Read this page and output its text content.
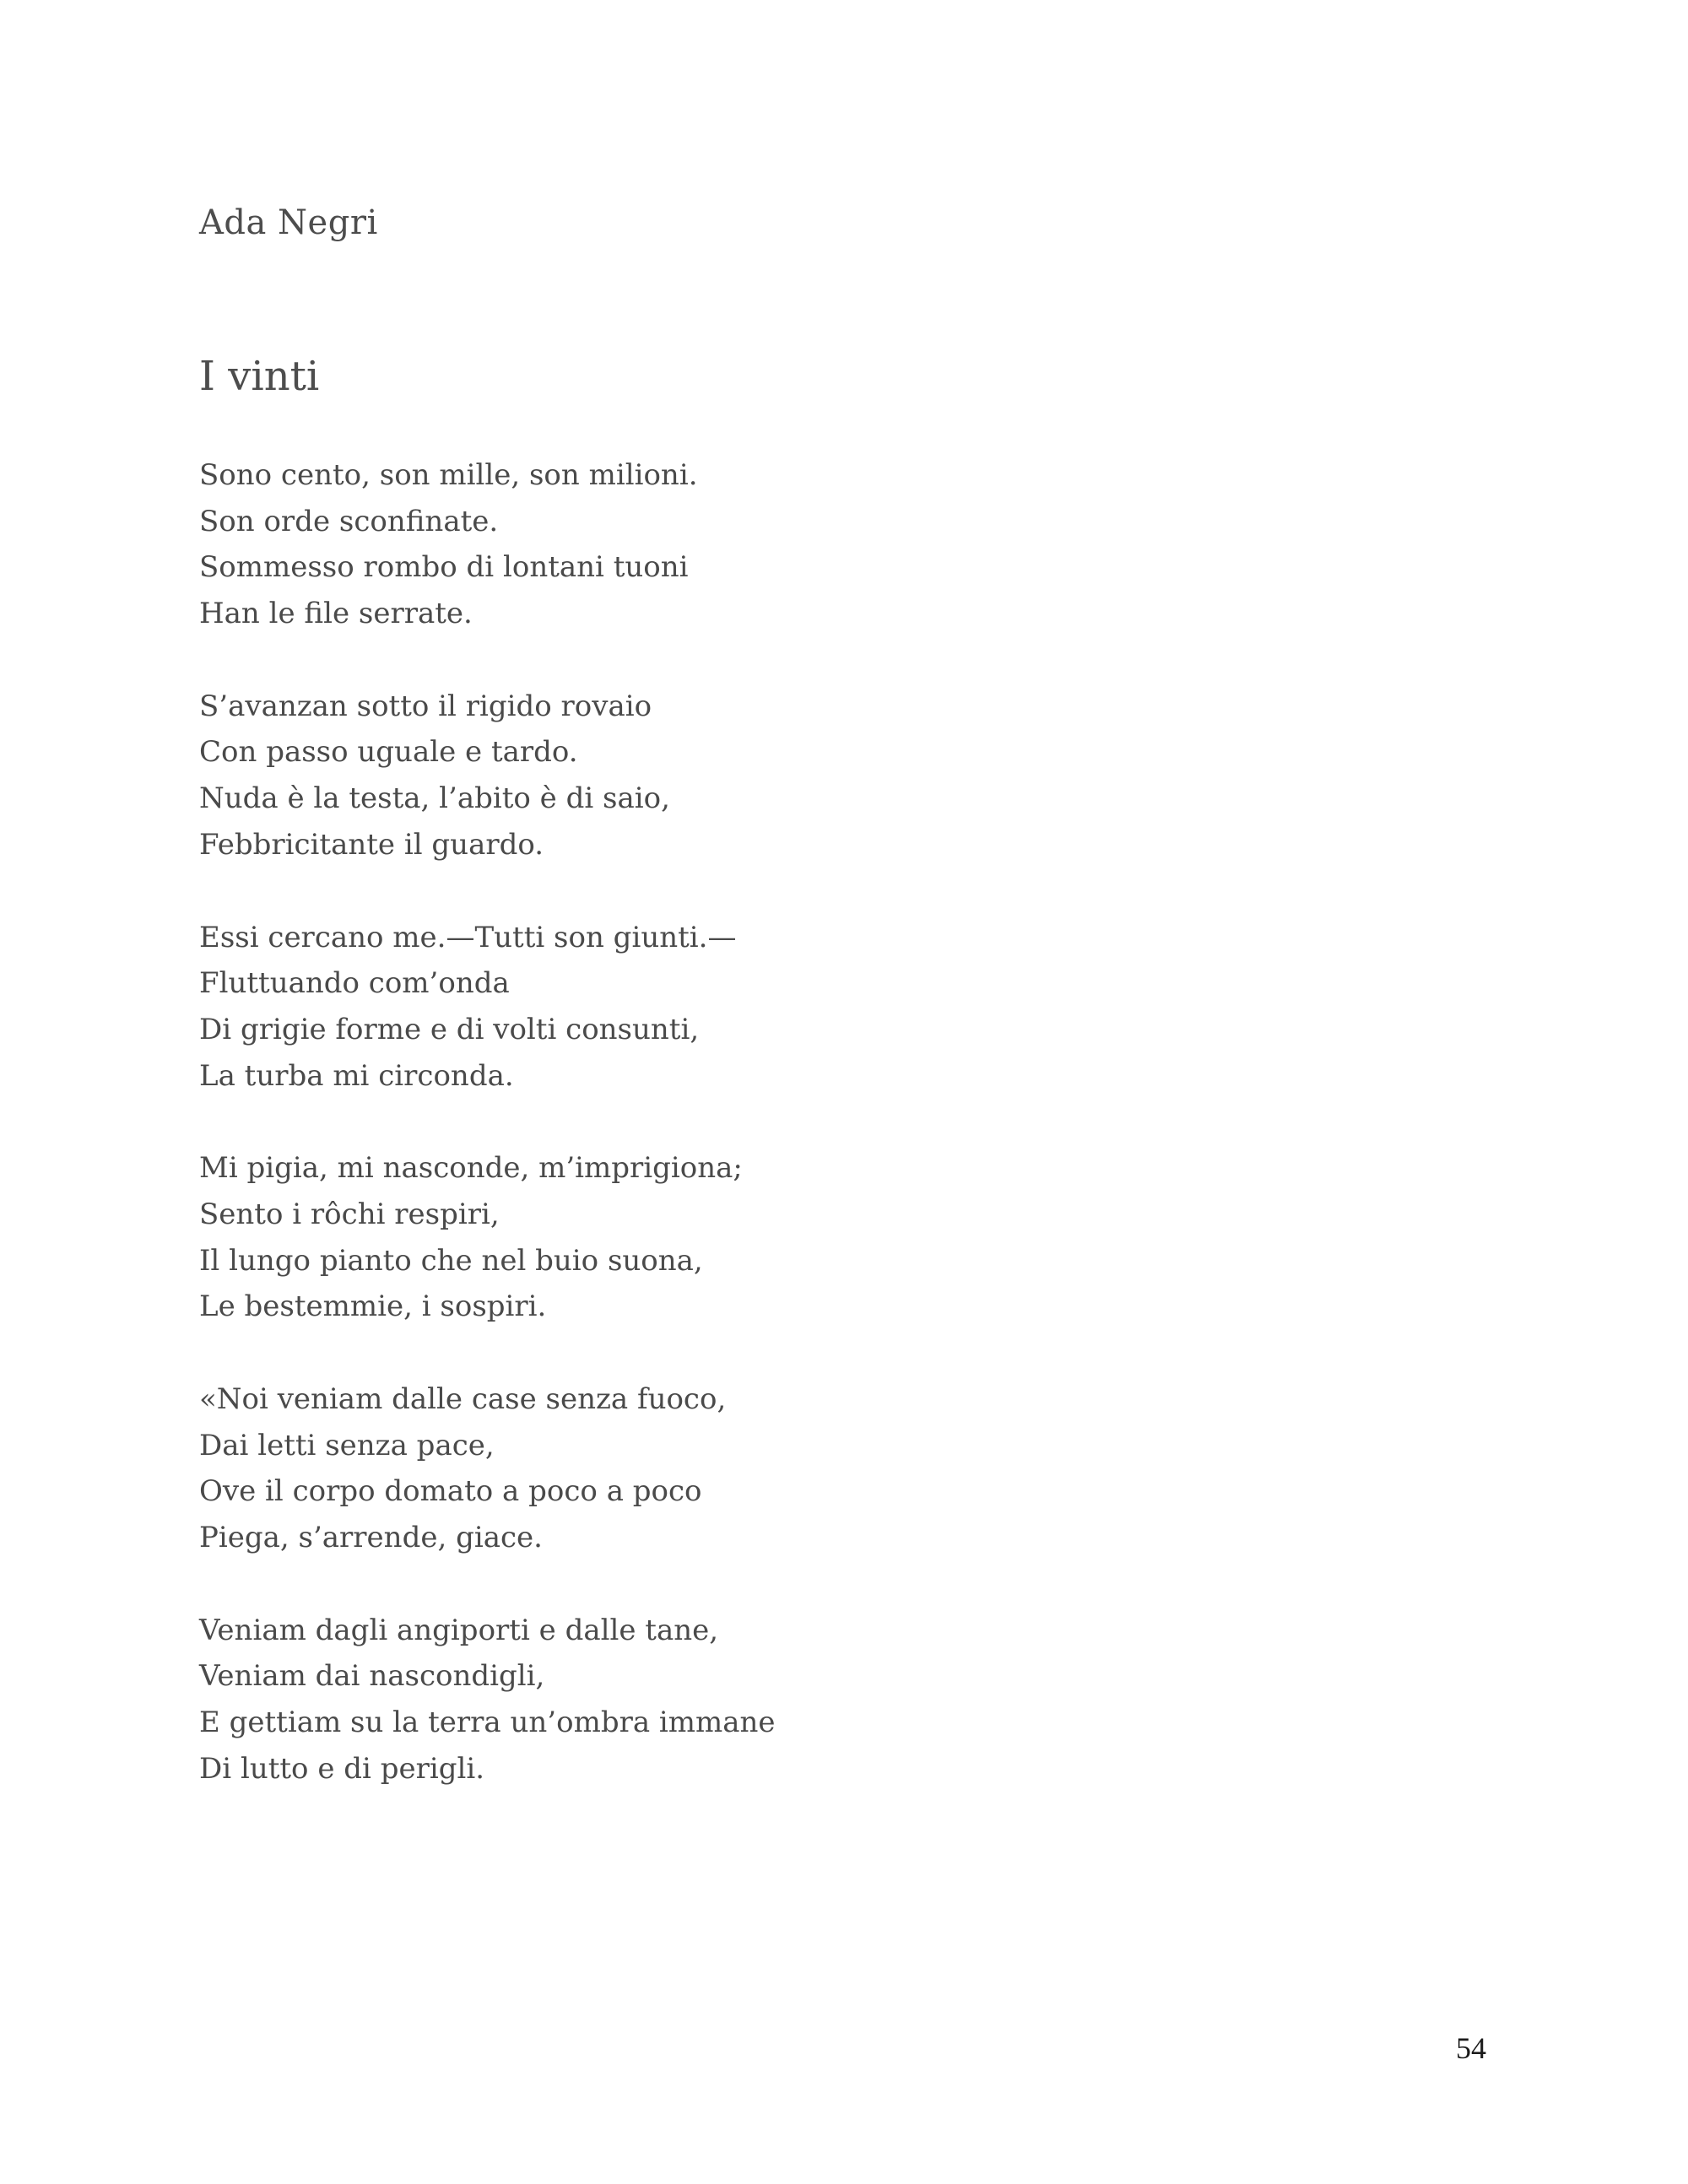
Ada Negri
I vinti
Sono cento, son mille, son milioni.
Son orde sconfinate.
Sommesso rombo di lontani tuoni
Han le file serrate.
S’avanzan sotto il rigido rovaio
Con passo uguale e tardo.
Nuda è la testa, l’abito è di saio,
Febbricitante il guardo.
Essi cercano me.—Tutti son giunti.—
Fluttuando com’onda
Di grigie forme e di volti consunti,
La turba mi circonda.
Mi pigia, mi nasconde, m’imprigiona;
Sento i rôchi respiri,
Il lungo pianto che nel buio suona,
Le bestemmie, i sospiri.
«Noi veniam dalle case senza fuoco,
Dai letti senza pace,
Ove il corpo domato a poco a poco
Piega, s’arrende, giace.
Veniam dagli angiporti e dalle tane,
Veniam dai nascondigli,
E gettiam su la terra un’ombra immane
Di lutto e di perigli.
54
